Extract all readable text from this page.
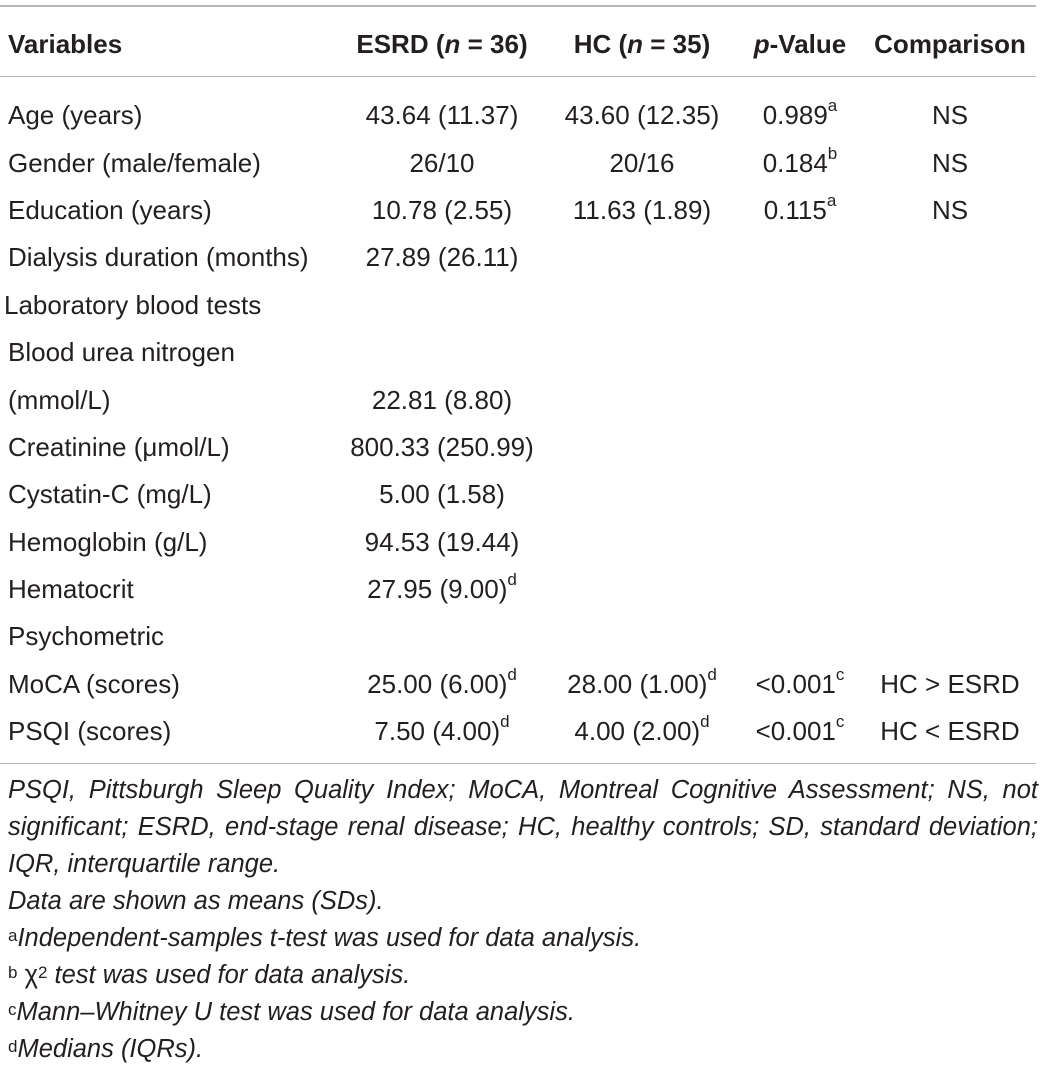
Variables	ESRD (n = 36)	HC (n = 35)	p-Value	Comparison
Age (years)	43.64 (11.37)	43.60 (12.35)	0.989$^a$	NS
Gender (male/female)	26/10	20/16	0.184$^b$	NS
Education (years)	10.78 (2.55)	11.63 (1.89)	0.115$^a$	NS
Dialysis duration (months)	27.89 (26.11)			
Laboratory blood tests				
Blood urea nitrogen				
(mmol/L)	22.81 (8.80)			
Creatinine (μmol/L)	800.33 (250.99)			
Cystatin-C (mg/L)	5.00 (1.58)			
Hemoglobin (g/L)	94.53 (19.44)			
Hematocrit	27.95 $(9.00)^d$			
Psychometric				
MoCA (scores)	25.00 $(6.00)^d$	28.00 $(1.00)^d$	<0.001$^c$	HC > ESRD
PSQI (scores)	7.50 $(4.00)^d$	4.00 $(2.00)^d$	<0.001$^c$	HC < ESRD
PSQI, Pittsburgh Sleep Quality Index; MoCA, Montreal Cognitive Assessment; NS, not significant; ESRD, end-stage renal disease; HC, healthy controls; SD, standard deviation; IQR, interquartile range.
Data are shown as means (SDs).
$^a$Independent-samples t-test was used for data analysis.
$^b$ χ$^2$ test was used for data analysis.
$^c$Mann–Whitney U test was used for data analysis.
$^d$Medians (IQRs).
